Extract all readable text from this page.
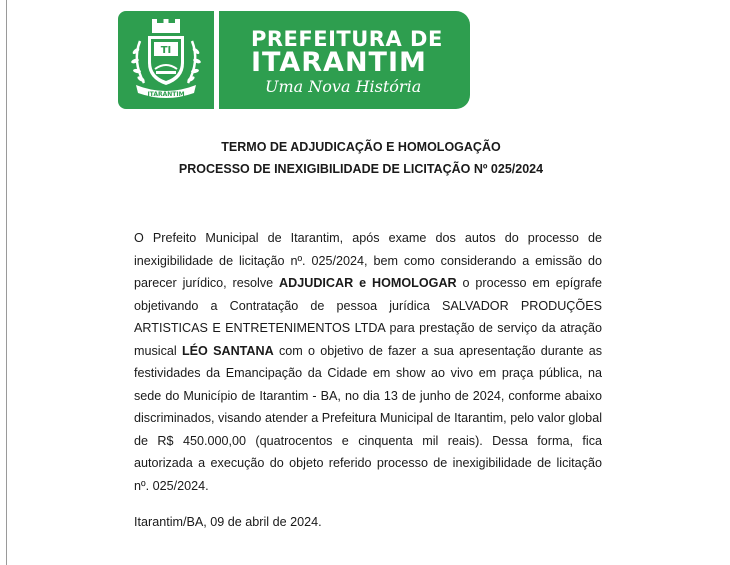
TI
ITARANTIM
PREFEITURA DE
ITARANTIM
Uma Nova História
TERMO DE ADJUDICAÇÃO E HOMOLOGAÇÃO
PROCESSO DE INEXIGIBILIDADE DE LICITAÇÃO Nº 025/2024
O Prefeito Municipal de Itarantim, após exame dos autos do processo de inexigibilidade de licitação nº. 025/2024, bem como considerando a emissão do parecer jurídico, resolve ADJUDICAR e HOMOLOGAR o processo em epígrafe objetivando a Contratação de pessoa jurídica SALVADOR PRODUÇÕES ARTISTICAS E ENTRETENIMENTOS LTDA para prestação de serviço da atração musical LÉO SANTANA com o objetivo de fazer a sua apresentação durante as festividades da Emancipação da Cidade em show ao vivo em praça pública, na sede do Município de Itarantim - BA, no dia 13 de junho de 2024, conforme abaixo discriminados, visando atender a Prefeitura Municipal de Itarantim, pelo valor global de R$ 450.000,00 (quatrocentos e cinquenta mil reais). Dessa forma, fica autorizada a execução do objeto referido processo de inexigibilidade de licitação nº. 025/2024.
Itarantim/BA, 09 de abril de 2024.
